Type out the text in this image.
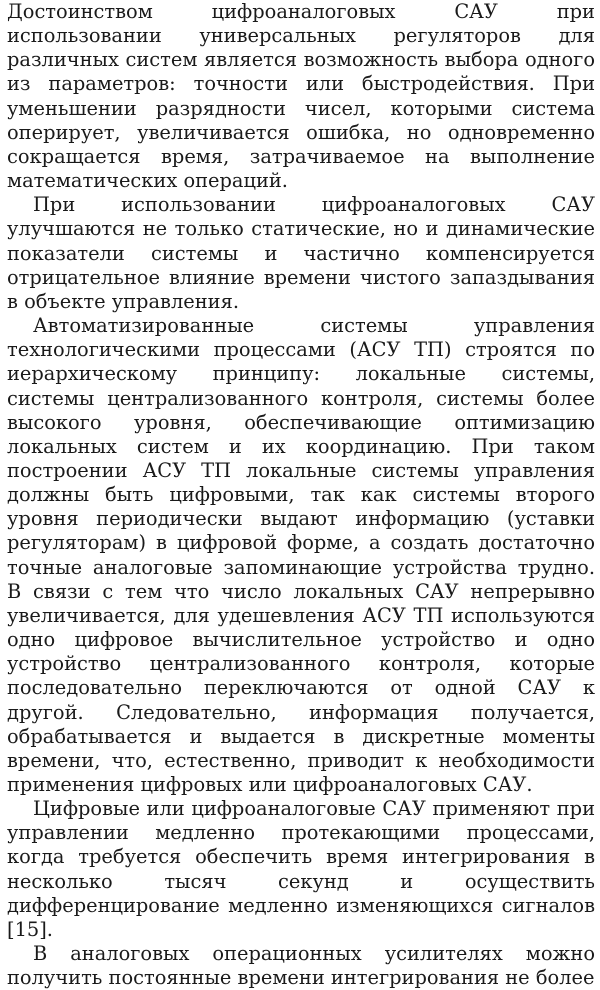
Достоинством цифроаналоговых САУ при использовании универсальных регуляторов для различных систем является возможность выбора одного из параметров: точности или быстродействия. При уменьшении разрядности чисел, которыми система оперирует, увеличивается ошибка, но одновременно сокращается время, затрачиваемое на выполнение математических операций.

При использовании цифроаналоговых САУ улучшаются не только статические, но и динамические показатели системы и частично компенсируется отрицательное влияние времени чистого запаздывания в объекте управления.

Автоматизированные системы управления технологическими процессами (АСУ ТП) строятся по иерархическому принципу: локальные системы, системы централизованного контроля, системы более высокого уровня, обеспечивающие оптимизацию локальных систем и их координацию. При таком построении АСУ ТП локальные системы управления должны быть цифровыми, так как системы второго уровня периодически выдают информацию (уставки регуляторам) в цифровой форме, а создать достаточно точные аналоговые запоминающие устройства трудно. В связи с тем что число локальных САУ непрерывно увеличивается, для удешевления АСУ ТП используются одно цифровое вычислительное устройство и одно устройство централизованного контроля, которые последовательно переключаются от одной САУ к другой. Следовательно, информация получается, обрабатывается и выдается в дискретные моменты времени, что, естественно, приводит к необходимости применения цифровых или цифроаналоговых САУ.

Цифровые или цифроаналоговые САУ применяют при управлении медленно протекающими процессами, когда требуется обеспечить время интегрирования в несколько тысяч секунд и осуществить дифференцирование медленно изменяющихся сигналов [15].

В аналоговых операционных усилителях можно получить постоянные времени интегрирования не более
